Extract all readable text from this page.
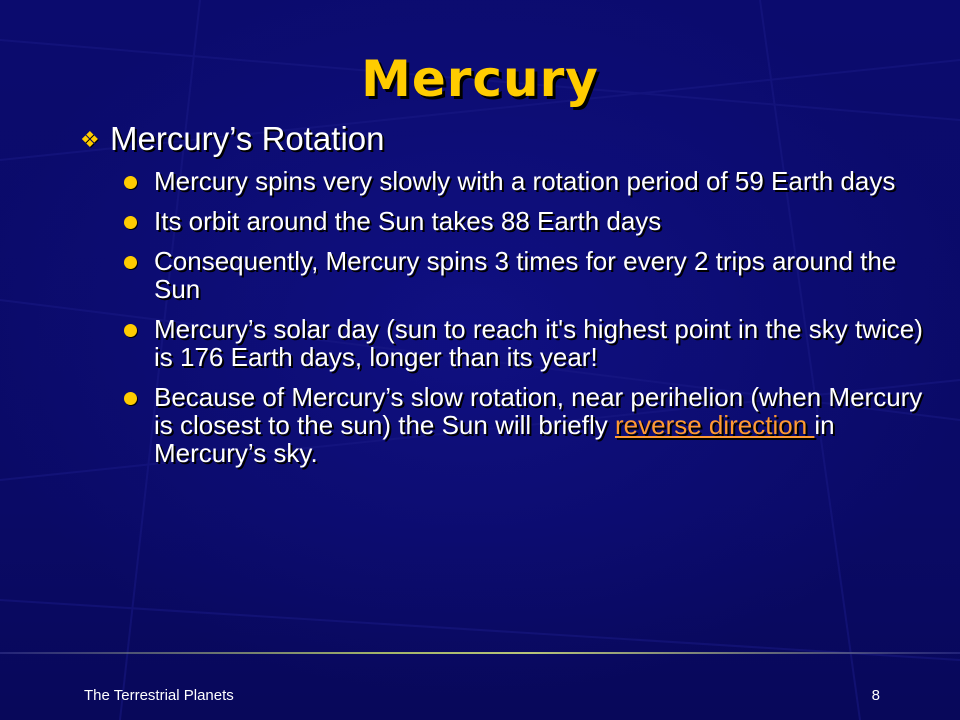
Mercury
❖ Mercury’s Rotation
Mercury spins very slowly with a rotation period of 59 Earth days
Its orbit around the Sun takes 88 Earth days
Consequently, Mercury spins 3 times for every 2 trips around the Sun
Mercury’s solar day (sun to reach it's highest point in the sky twice) is 176 Earth days, longer than its year!
Because of Mercury’s slow rotation, near perihelion (when Mercury is closest to the sun) the Sun will briefly reverse direction in Mercury’s sky.
The Terrestrial Planets	8
